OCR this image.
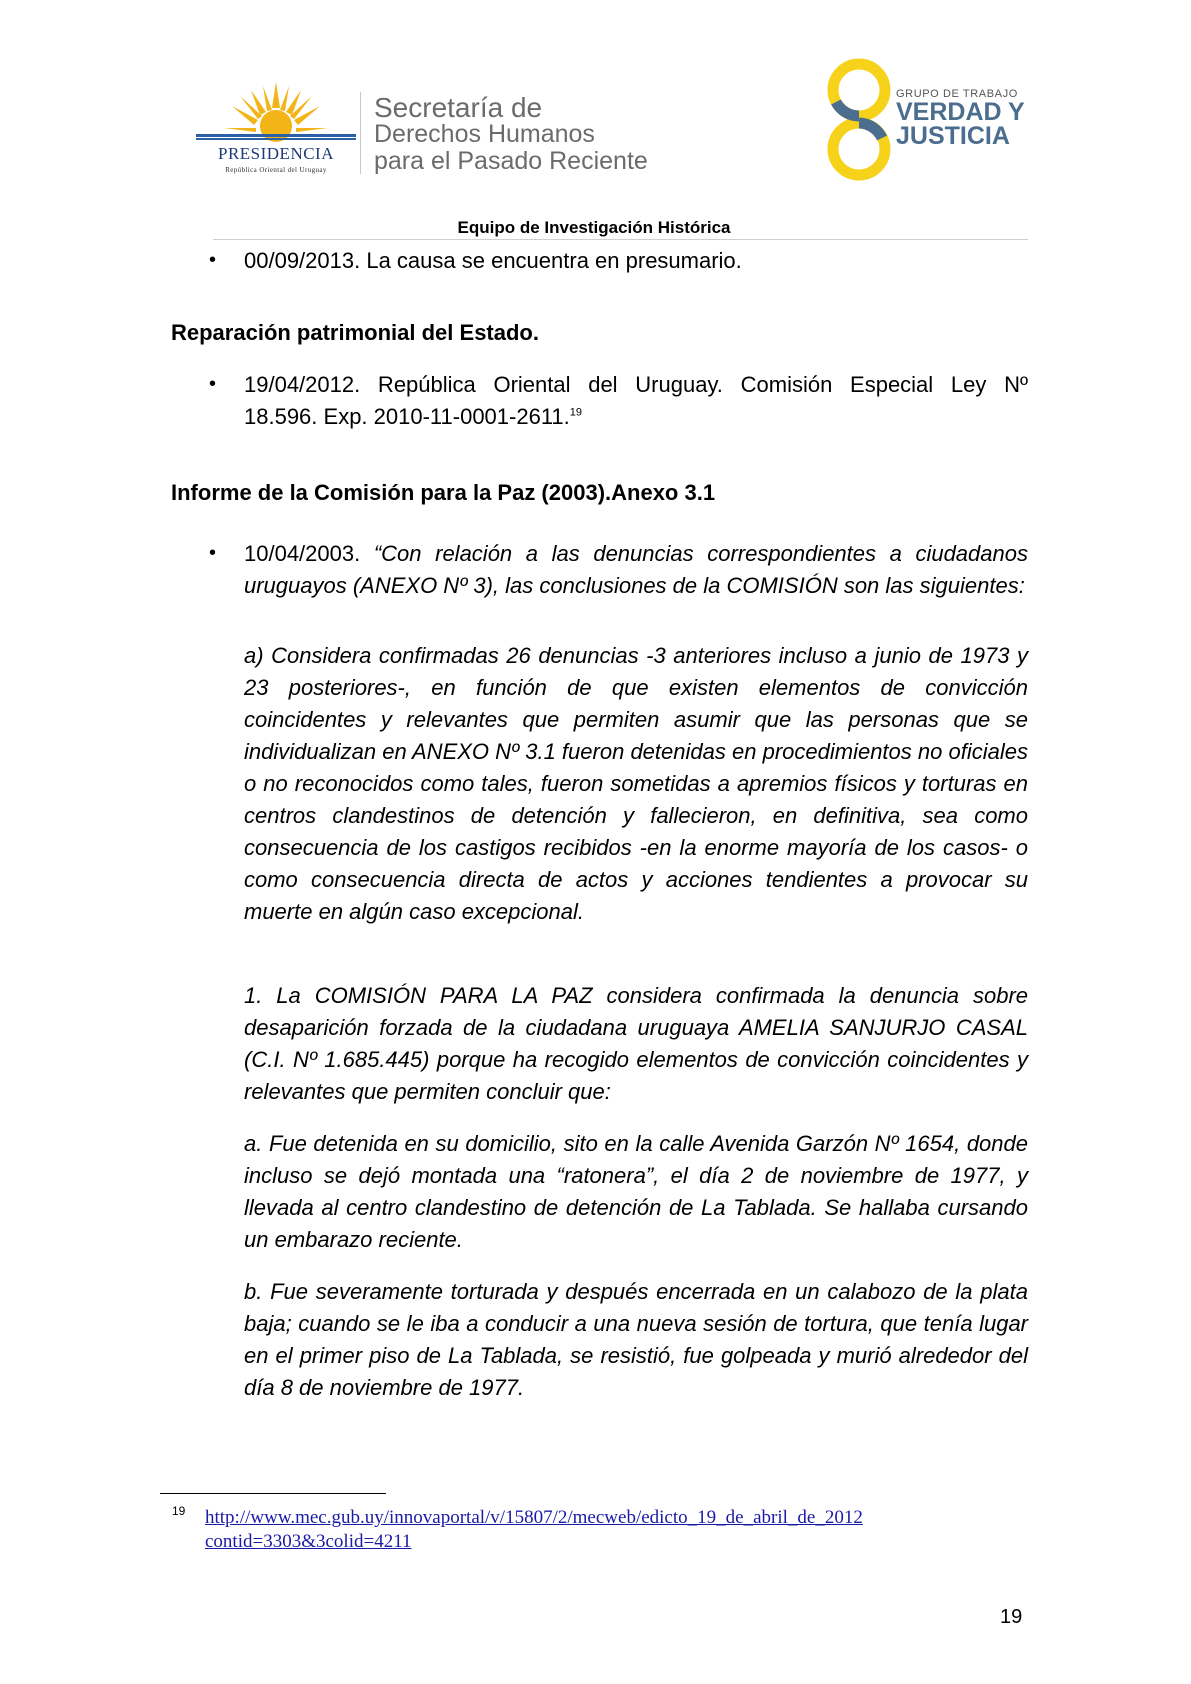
PRESIDENCIA
República Oriental del Uruguay
Secretaría de
Derechos Humanos
para el Pasado Reciente
GRUPO DE TRABAJO
VERDAD Y
JUSTICIA
Equipo de Investigación Histórica
• 00/09/2013. La causa se encuentra en presumario.
Reparación patrimonial del Estado.
• 19/04/2012. República Oriental del Uruguay. Comisión Especial Ley Nº
18.596. Exp. 2010-11-0001-2611.19
Informe de la Comisión para la Paz (2003).Anexo 3.1
• 10/04/2003. “Con relación a las denuncias correspondientes a ciudadanos uruguayos (ANEXO Nº 3), las conclusiones de la COMISIÓN son las siguientes:
a) Considera confirmadas 26 denuncias -3 anteriores incluso a junio de 1973 y 23 posteriores-, en función de que existen elementos de convicción coincidentes y relevantes que permiten asumir que las personas que se individualizan en ANEXO Nº 3.1 fueron detenidas en procedimientos no oficiales o no reconocidos como tales, fueron sometidas a apremios físicos y torturas en centros clandestinos de detención y fallecieron, en definitiva, sea como consecuencia de los castigos recibidos -en la enorme mayoría de los casos- o como consecuencia directa de actos y acciones tendientes a provocar su muerte en algún caso excepcional.
1. La COMISIÓN PARA LA PAZ considera confirmada la denuncia sobre desaparición forzada de la ciudadana uruguaya AMELIA SANJURJO CASAL (C.I. Nº 1.685.445) porque ha recogido elementos de convicción coincidentes y relevantes que permiten concluir que:
a. Fue detenida en su domicilio, sito en la calle Avenida Garzón Nº 1654, donde incluso se dejó montada una “ratonera”, el día 2 de noviembre de 1977, y llevada al centro clandestino de detención de La Tablada. Se hallaba cursando un embarazo reciente.
b. Fue severamente torturada y después encerrada en un calabozo de la plata baja; cuando se le iba a conducir a una nueva sesión de tortura, que tenía lugar en el primer piso de La Tablada, se resistió, fue golpeada y murió alrededor del día 8 de noviembre de 1977.
19 http://www.mec.gub.uy/innovaportal/v/15807/2/mecweb/edicto_19_de_abril_de_2012
contid=3303&3colid=4211
19
